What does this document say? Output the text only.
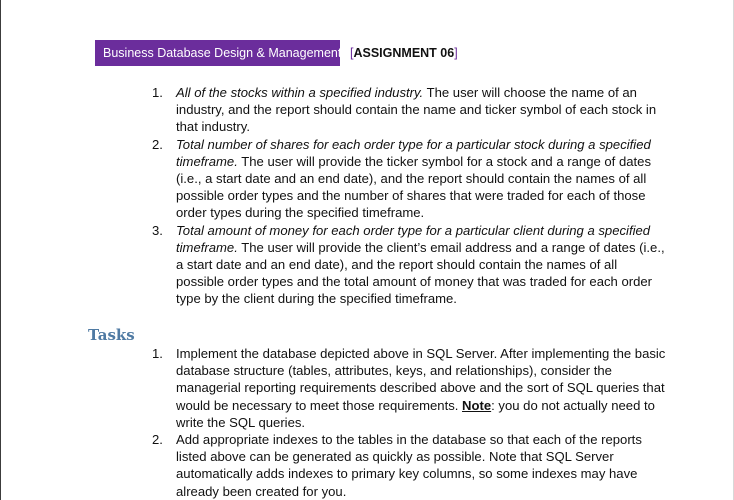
Business Database Design & Management [ASSIGNMENT 06]
1. All of the stocks within a specified industry. The user will choose the name of an industry, and the report should contain the name and ticker symbol of each stock in that industry.
2. Total number of shares for each order type for a particular stock during a specified timeframe. The user will provide the ticker symbol for a stock and a range of dates (i.e., a start date and an end date), and the report should contain the names of all possible order types and the number of shares that were traded for each of those order types during the specified timeframe.
3. Total amount of money for each order type for a particular client during a specified timeframe. The user will provide the client’s email address and a range of dates (i.e., a start date and an end date), and the report should contain the names of all possible order types and the total amount of money that was traded for each order type by the client during the specified timeframe.
Tasks
1. Implement the database depicted above in SQL Server. After implementing the basic database structure (tables, attributes, keys, and relationships), consider the managerial reporting requirements described above and the sort of SQL queries that would be necessary to meet those requirements. Note: you do not actually need to write the SQL queries.
2. Add appropriate indexes to the tables in the database so that each of the reports listed above can be generated as quickly as possible. Note that SQL Server automatically adds indexes to primary key columns, so some indexes may have already been created for you.
